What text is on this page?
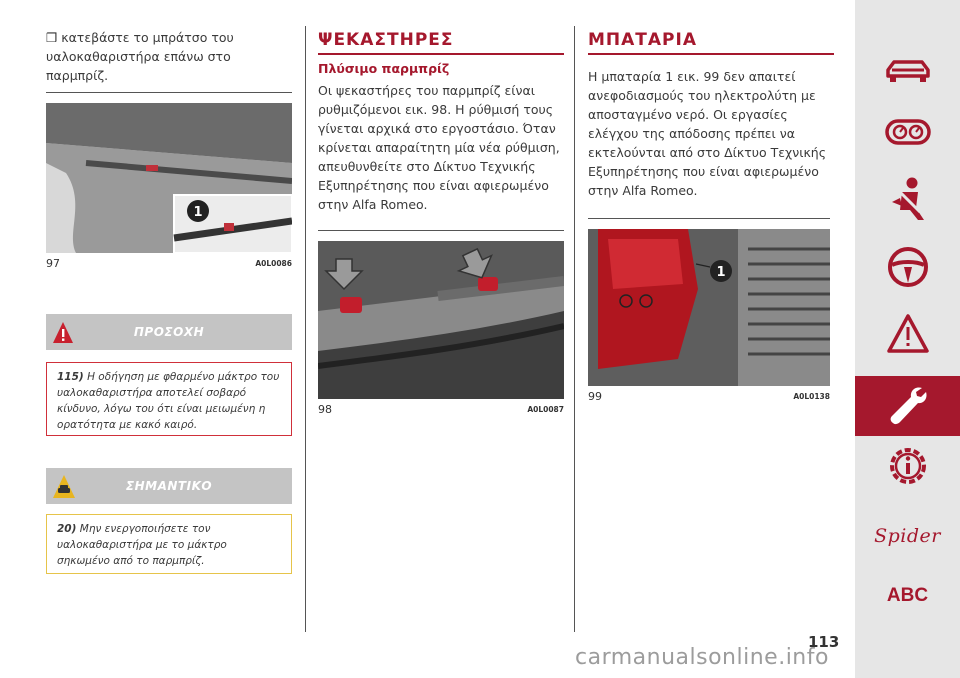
❒ κατεβάστε το μπράτσο του υαλοκαθαριστήρα επάνω στο παρμπρίζ.
1
97	A0L0086
ΠΡΟΣΟΧΗ
115) Η οδήγηση με φθαρμένο μάκτρο του υαλοκαθαριστήρα αποτελεί σοβαρό κίνδυνο, λόγω του ότι είναι μειωμένη η ορατότητα με κακό καιρό.
ΣΗΜΑΝΤΙΚΟ
20) Μην ενεργοποιήσετε τον υαλοκαθαριστήρα με το μάκτρο σηκωμένο από το παρμπρίζ.
ΨΕΚΑΣΤΗΡΕΣ
Πλύσιμο παρμπρίζ
Οι ψεκαστήρες του παρμπρίζ είναι ρυθμιζόμενοι εικ. 98. Η ρύθμισή τους γίνεται αρχικά στο εργοστάσιο. Όταν κρίνεται απαραίτητη μία νέα ρύθμιση, απευθυνθείτε στο Δίκτυο Τεχνικής Εξυπηρέτησης που είναι αφιερωμένο στην Alfa Romeo.
98	A0L0087
ΜΠΑΤΑΡΙΑ
Η μπαταρία ⁠1 εικ. 99 δεν απαιτεί ανεφοδιασμούς του ηλεκτρολύτη με αποσταγμένο νερό. Οι εργασίες ελέγχου της απόδοσης πρέπει να εκτελούνται από στο Δίκτυο Τεχνικής Εξυπηρέτησης που είναι αφιερωμένο στην Alfa Romeo.
1
99	A0L0138
Spider
ABC
113
carmanualsonline.info
